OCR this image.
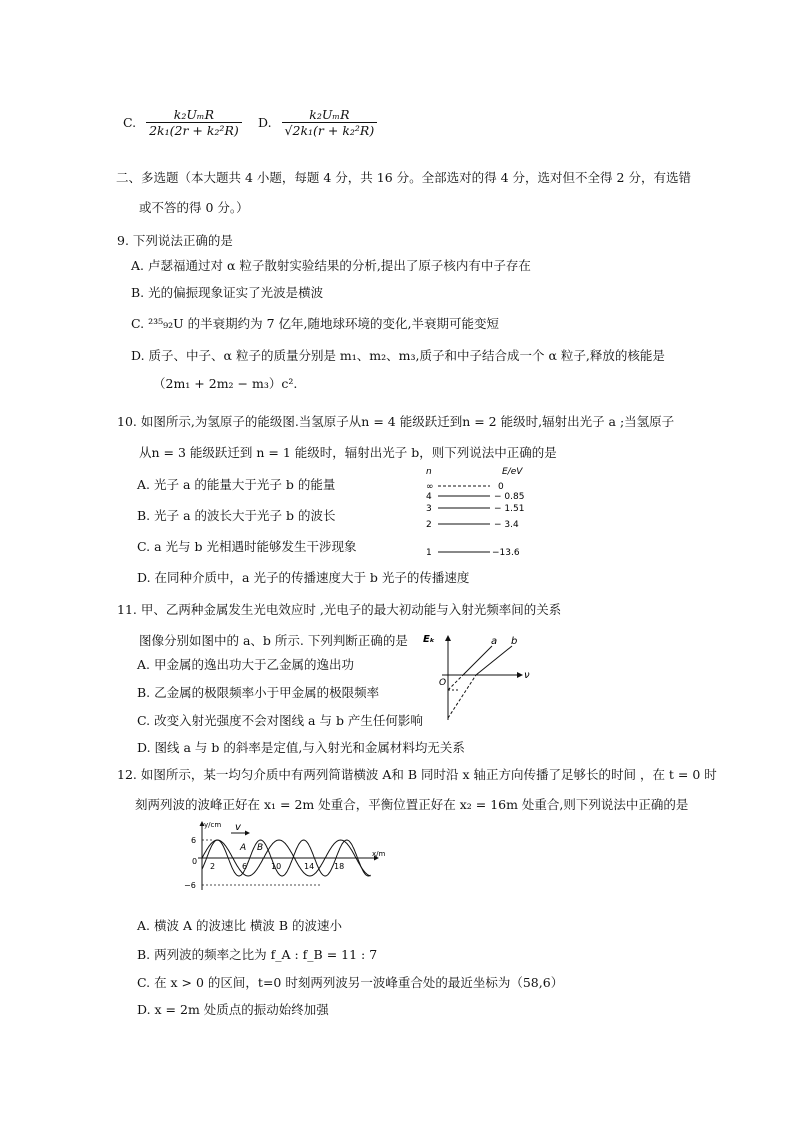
C. $\frac{\text{k₂UₘR}}{\text{2k₁(2r + k₂²R)}} D$. $\frac{\text{k₂UₘR}}{\text{√2k₁(r + k₂²R)}}$
二、多选题（本大题共 4 小题，每题 4 分，共 16 分。全部选对的得 4 分，选对但不全得 2 分，有选错
或不答的得 0 分。）
9. 下列说法正确的是
A. 卢瑟福通过对 α 粒子散射实验结果的分析,提出了原子核内有中子存在
B. 光的偏振现象证实了光波是横波
C. ²³⁵₉₂U 的半衰期约为 7 亿年,随地球环境的变化,半衰期可能变短
D. 质子、中子、α 粒子的质量分别是 m₁、m₂、m₃,质子和中子结合成一个 α 粒子,释放的核能是
（2m₁ + 2m₂ − m₃）c².
10. 如图所示,为氢原子的能级图.当氢原子从n = 4 能级跃迁到n = 2 能级时,辐射出光子 a ;当氢原子
从n = 3 能级跃迁到 n = 1 能级时，辐射出光子 b，则下列说法中正确的是
A. 光子 a 的能量大于光子 b 的能量
B. 光子 a 的波长大于光子 b 的波长
C. a 光与 b 光相遇时能够发生干涉现象
D. 在同种介质中，a 光子的传播速度大于 b 光子的传播速度
n	E/eV
∞	0
4	− 0.85
3	− 1.51
2	− 3.4
1	−13.6
11. 甲、乙两种金属发生光电效应时 ,光电子的最大初动能与入射光频率间的关系
图像分别如图中的 a、b 所示. 下列判断正确的是
A. 甲金属的逸出功大于乙金属的逸出功
B. 乙金属的极限频率小于甲金属的极限频率
C. 改变入射光强度不会对图线 a 与 b 产生任何影响
D. 图线 a 与 b 的斜率是定值,与入射光和金属材料均无关系
Eₖ
ν
O
a b
12. 如图所示，某一均匀介质中有两列简谐横波 A和 B 同时沿 x 轴正方向传播了足够长的时间 ，在 t = 0 时
刻两列波的波峰正好在 x₁ = 2m 处重合，平衡位置正好在 x₂ = 16m 处重合,则下列说法中正确的是
y/cm
x/m
6
0
−6
2	6	10	14 18
A B
v
A. 横波 A 的波速比 横波 B 的波速小
B. 两列波的频率之比为 f_A : f_B = 11 : 7
C. 在 x > 0 的区间，t=0 时刻两列波另一波峰重合处的最近坐标为（58,6）
D. x = 2m 处质点的振动始终加强
